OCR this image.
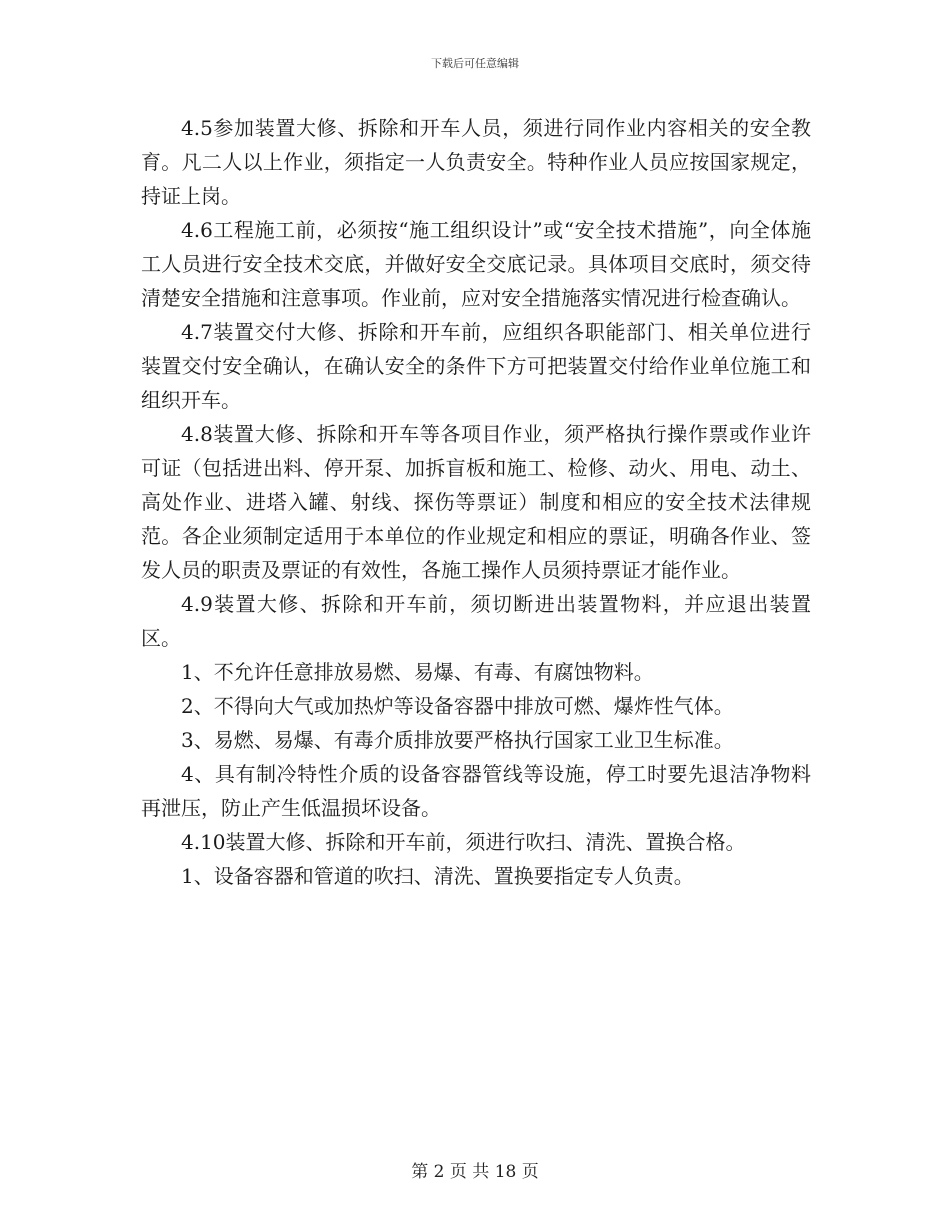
下载后可任意编辑

4.5参加装置大修、拆除和开车人员，须进行同作业内容相关的安全教育。凡二人以上作业，须指定一人负责安全。特种作业人员应按国家规定，持证上岗。

4.6工程施工前，必须按“施工组织设计”或“安全技术措施”，向全体施工人员进行安全技术交底，并做好安全交底记录。具体项目交底时，须交待清楚安全措施和注意事项。作业前，应对安全措施落实情况进行检查确认。

4.7装置交付大修、拆除和开车前，应组织各职能部门、相关单位进行装置交付安全确认，在确认安全的条件下方可把装置交付给作业单位施工和组织开车。

4.8装置大修、拆除和开车等各项目作业，须严格执行操作票或作业许可证（包括进出料、停开泵、加拆盲板和施工、检修、动火、用电、动土、高处作业、进塔入罐、射线、探伤等票证）制度和相应的安全技术法律规范。各企业须制定适用于本单位的作业规定和相应的票证，明确各作业、签发人员的职责及票证的有效性，各施工操作人员须持票证才能作业。

4.9装置大修、拆除和开车前，须切断进出装置物料，并应退出装置区。

1、不允许任意排放易燃、易爆、有毒、有腐蚀物料。

2、不得向大气或加热炉等设备容器中排放可燃、爆炸性气体。

3、易燃、易爆、有毒介质排放要严格执行国家工业卫生标准。

4、具有制冷特性介质的设备容器管线等设施，停工时要先退洁净物料再泄压，防止产生低温损坏设备。

4.10装置大修、拆除和开车前，须进行吹扫、清洗、置换合格。

1、设备容器和管道的吹扫、清洗、置换要指定专人负责。

第 2 页 共 18 页
